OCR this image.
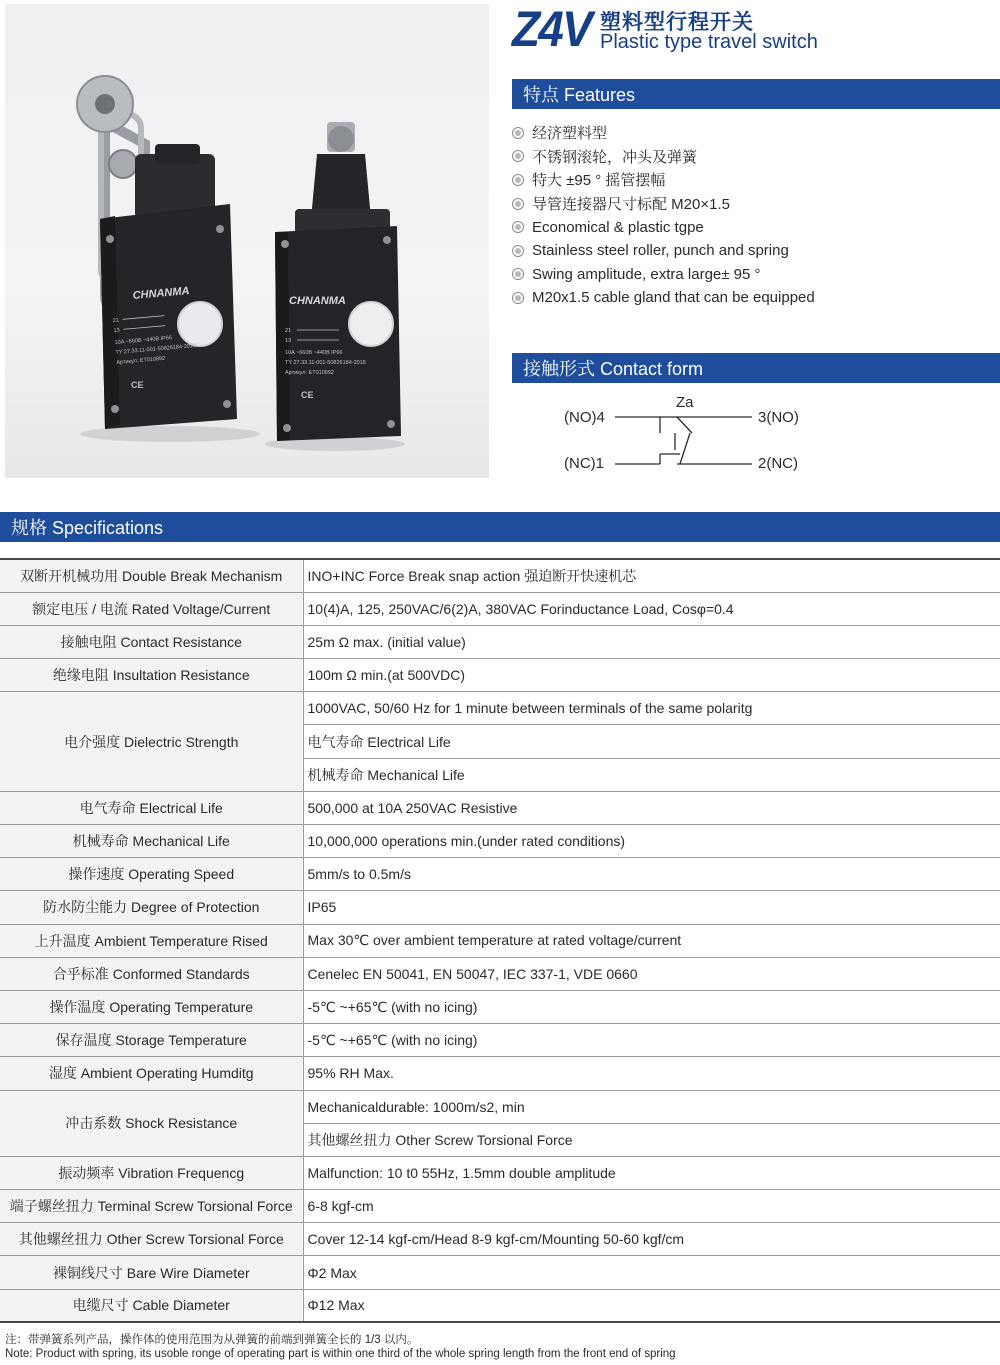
CHNANMA
21
13
10A ~660B ~440B IP66
TY 27.33.11-001-50826184-2018
Артикул: ET010892
CE
CHNANMA
21
13
10A ~660B ~440B IP66
TY 27.33.11-001-50826184-2018
Артикул: ET010892
CE
Z4V 塑料型行程开关
Plastic type travel switch
特点 Features
经济塑料型
不锈钢滚轮，冲头及弹簧
特大 ±95 ° 摇管摆幅
导管连接器尺寸标配 M20×1.5
Economical & plastic tgpe
Stainless steel roller, punch and spring
Swing amplitude, extra large± 95 °
M20x1.5 cable gland that can be equipped
接触形式 Contact form
Za
(NO)4	3(NO)
(NC)1	2(NC)
规格 Specifications
双断开机械功用 Double Break Mechanism	INO+INC Force Break snap action 强迫断开快速机芯
额定电压 / 电流 Rated Voltage/Current	10(4)A, 125, 250VAC/6(2)A, 380VAC Forinductance Load, Cosφ=0.4
接触电阻 Contact Resistance	25m Ω max. (initial value)
绝缘电阻 Insultation Resistance	100m Ω min.(at 500VDC)
电介强度 Dielectric Strength	1000VAC, 50/60 Hz for 1 minute between terminals of the same polaritg
	电气寿命 Electrical Life
	机械寿命 Mechanical Life
电气寿命 Electrical Life	500,000 at 10A 250VAC Resistive
机械寿命 Mechanical Life	10,000,000 operations min.(under rated conditions)
操作速度 Operating Speed	5mm/s to 0.5m/s
防水防尘能力 Degree of Protection	IP65
上升温度 Ambient Temperature Rised	Max 30℃ over ambient temperature at rated voltage/current
合乎标准 Conformed Standards	Cenelec EN 50041, EN 50047, IEC 337-1, VDE 0660
操作温度 Operating Temperature	-5℃ ~+65℃ (with no icing)
保存温度 Storage Temperature	-5℃ ~+65℃ (with no icing)
湿度 Ambient Operating Humditg	95% RH Max.
冲击系数 Shock Resistance	Mechanicaldurable: 1000m/s2, min
	其他螺丝扭力 Other Screw Torsional Force
振动频率 Vibration Frequencg	Malfunction: 10 t0 55Hz, 1.5mm double amplitude
端子螺丝扭力 Terminal Screw Torsional Force	6-8 kgf-cm
其他螺丝扭力 Other Screw Torsional Force	Cover 12-14 kgf-cm/Head 8-9 kgf-cm/Mounting 50-60 kgf/cm
裸铜线尺寸 Bare Wire Diameter	Φ2 Max
电缆尺寸 Cable Diameter	Φ12 Max
注：带弹簧系列产品，操作体的使用范围为从弹簧的前端到弹簧全长的 1/3 以内。
Note: Product with spring, its usoble ronge of operating part is within one third of the whole spring length from the front end of spring
